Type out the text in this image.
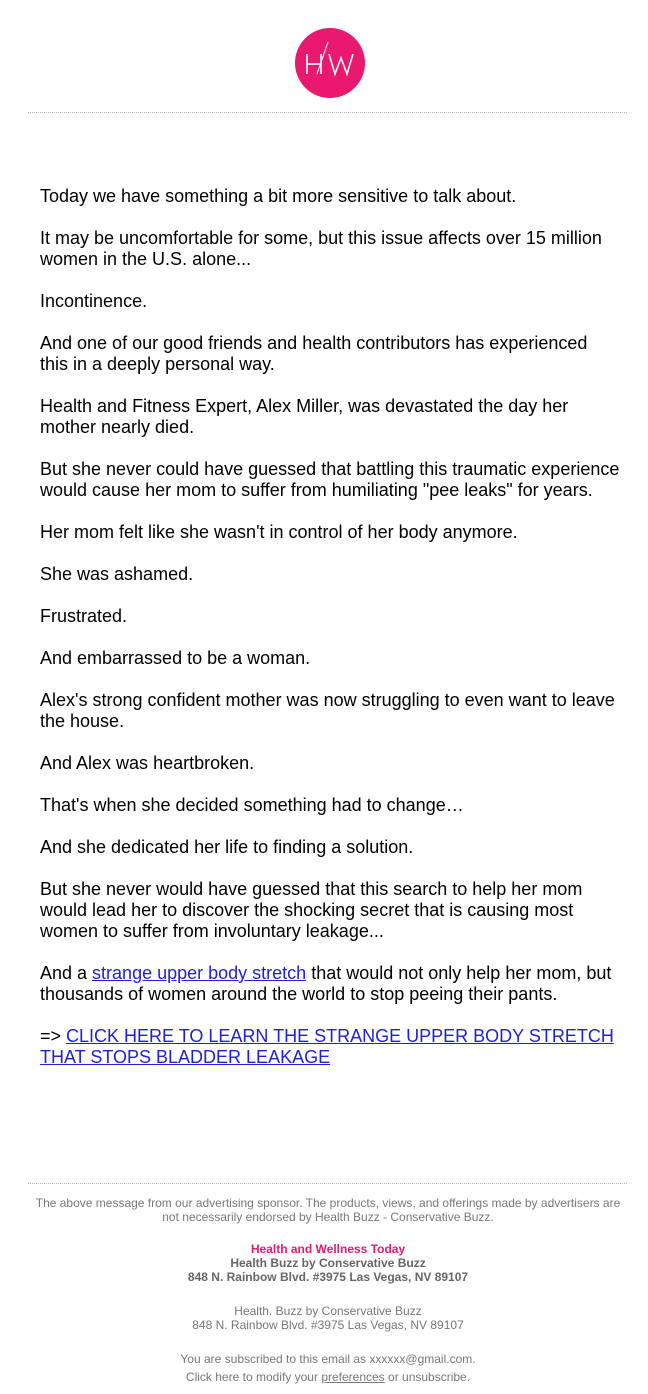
Today we have something a bit more sensitive to talk about.

It may be uncomfortable for some, but this issue affects over 15 million women in the U.S. alone...

Incontinence.

And one of our good friends and health contributors has experienced this in a deeply personal way.

Health and Fitness Expert, Alex Miller, was devastated the day her mother nearly died.

But she never could have guessed that battling this traumatic experience would cause her mom to suffer from humiliating "pee leaks" for years.

Her mom felt like she wasn't in control of her body anymore.

She was ashamed.

Frustrated.

And embarrassed to be a woman.

Alex's strong confident mother was now struggling to even want to leave the house.

And Alex was heartbroken.

That's when she decided something had to change…

And she dedicated her life to finding a solution.

But she never would have guessed that this search to help her mom would lead her to discover the shocking secret that is causing most women to suffer from involuntary leakage...

And a strange upper body stretch that would not only help her mom, but thousands of women around the world to stop peeing their pants.

=> CLICK HERE TO LEARN THE STRANGE UPPER BODY STRETCH THAT STOPS BLADDER LEAKAGE

The above message from our advertising sponsor. The products, views, and offerings made by advertisers are not necessarily endorsed by Health Buzz - Conservative Buzz.

Health and Wellness Today

Health Buzz by Conservative Buzz

848 N. Rainbow Blvd. #3975 Las Vegas, NV 89107

Health. Buzz by Conservative Buzz

848 N. Rainbow Blvd. #3975 Las Vegas, NV 89107

You are subscribed to this email as xxxxxx@gmail.com.

Click here to modify your preferences or unsubscribe.
